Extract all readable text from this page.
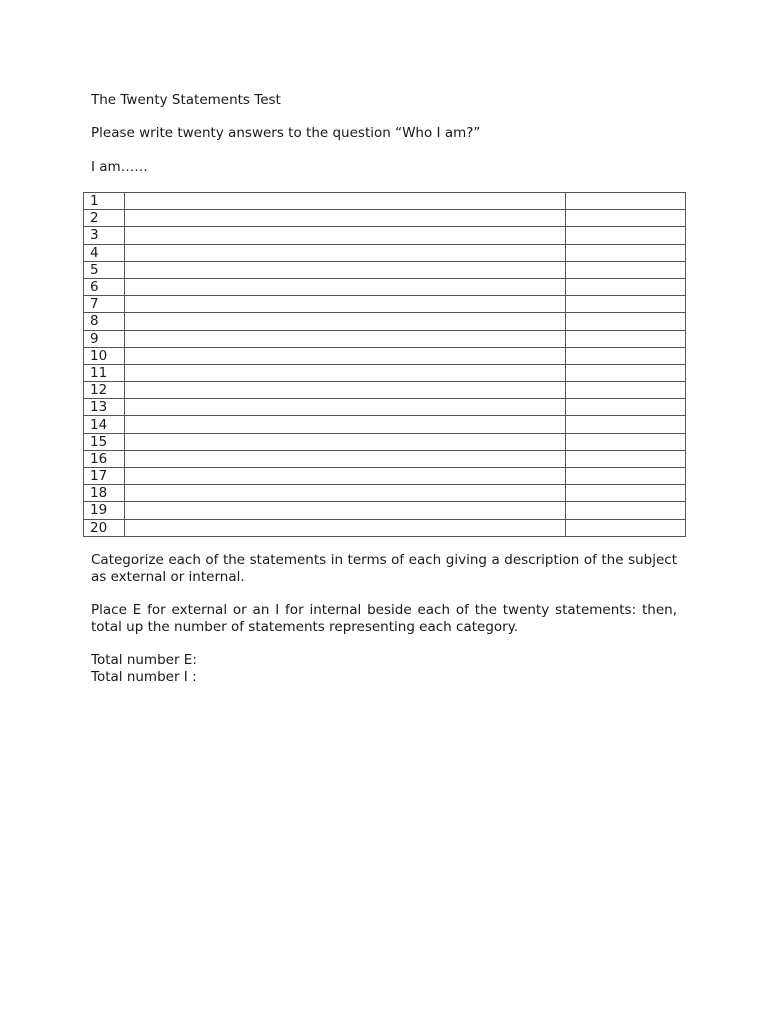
The Twenty Statements Test

Please write twenty answers to the question “Who I am?”

I am……

1		
2		
3		
4		
5		
6		
7		
8		
9		
10		
11		
12		
13		
14		
15		
16		
17		
18		
19		
20		

Categorize each of the statements in terms of each giving a description of the subject as external or internal.

Place E for external or an I for internal beside each of the twenty statements: then, total up the number of statements representing each category.

Total number E:

Total number I :
